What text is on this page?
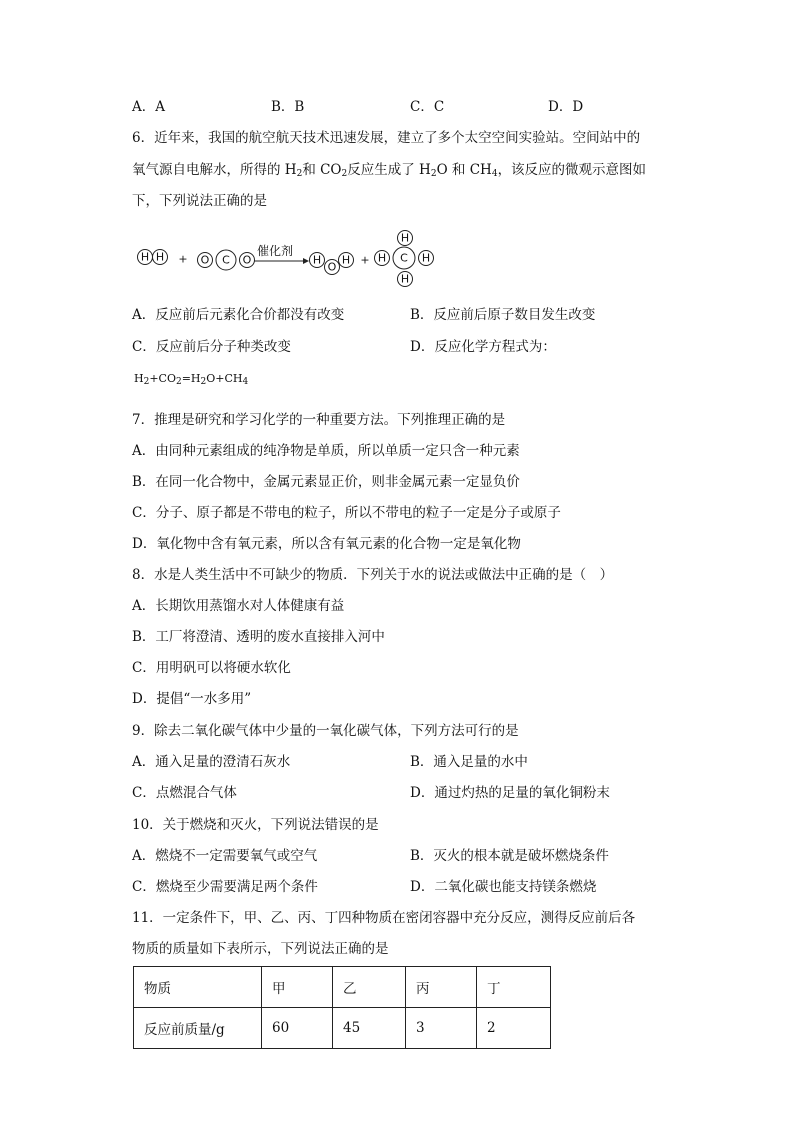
A．A	B．B	C．C	D．D
6．近年来，我国的航空航天技术迅速发展，建立了多个太空空间实验站。空间站中的
氧气源自电解水，所得的 $H_2$和 $CO_2$反应生成了 $H_2O$ 和 $CH_4$，该反应的微观示意图如
下，下列说法正确的是
H H + O C O
催化剂
H
O
H +
H
H C H
H
A．反应前后元素化合价都没有改变	B．反应前后原子数目发生改变
C．反应前后分子种类改变	D．反应化学方程式为：
$H_2+CO_2=H_2O+CH_4$
7．推理是研究和学习化学的一种重要方法。下列推理正确的是
A．由同种元素组成的纯净物是单质，所以单质一定只含一种元素
B．在同一化合物中，金属元素显正价，则非金属元素一定显负价
C．分子、原子都是不带电的粒子，所以不带电的粒子一定是分子或原子
D．氧化物中含有氧元素，所以含有氧元素的化合物一定是氧化物
8．水是人类生活中不可缺少的物质．下列关于水的说法或做法中正确的是（　）
A．长期饮用蒸馏水对人体健康有益
B．工厂将澄清、透明的废水直接排入河中
C．用明矾可以将硬水软化
D．提倡“一水多用”
9．除去二氧化碳气体中少量的一氧化碳气体，下列方法可行的是
A．通入足量的澄清石灰水	B．通入足量的水中
C．点燃混合气体	D．通过灼热的足量的氧化铜粉末
10．关于燃烧和灭火，下列说法错误的是
A．燃烧不一定需要氧气或空气	B．灭火的根本就是破坏燃烧条件
C．燃烧至少需要满足两个条件	D．二氧化碳也能支持镁条燃烧
11．一定条件下，甲、乙、丙、丁四种物质在密闭容器中充分反应，测得反应前后各
物质的质量如下表所示，下列说法正确的是
物质	甲	乙	丙	丁
反应前质量/g	60	45	3	2
